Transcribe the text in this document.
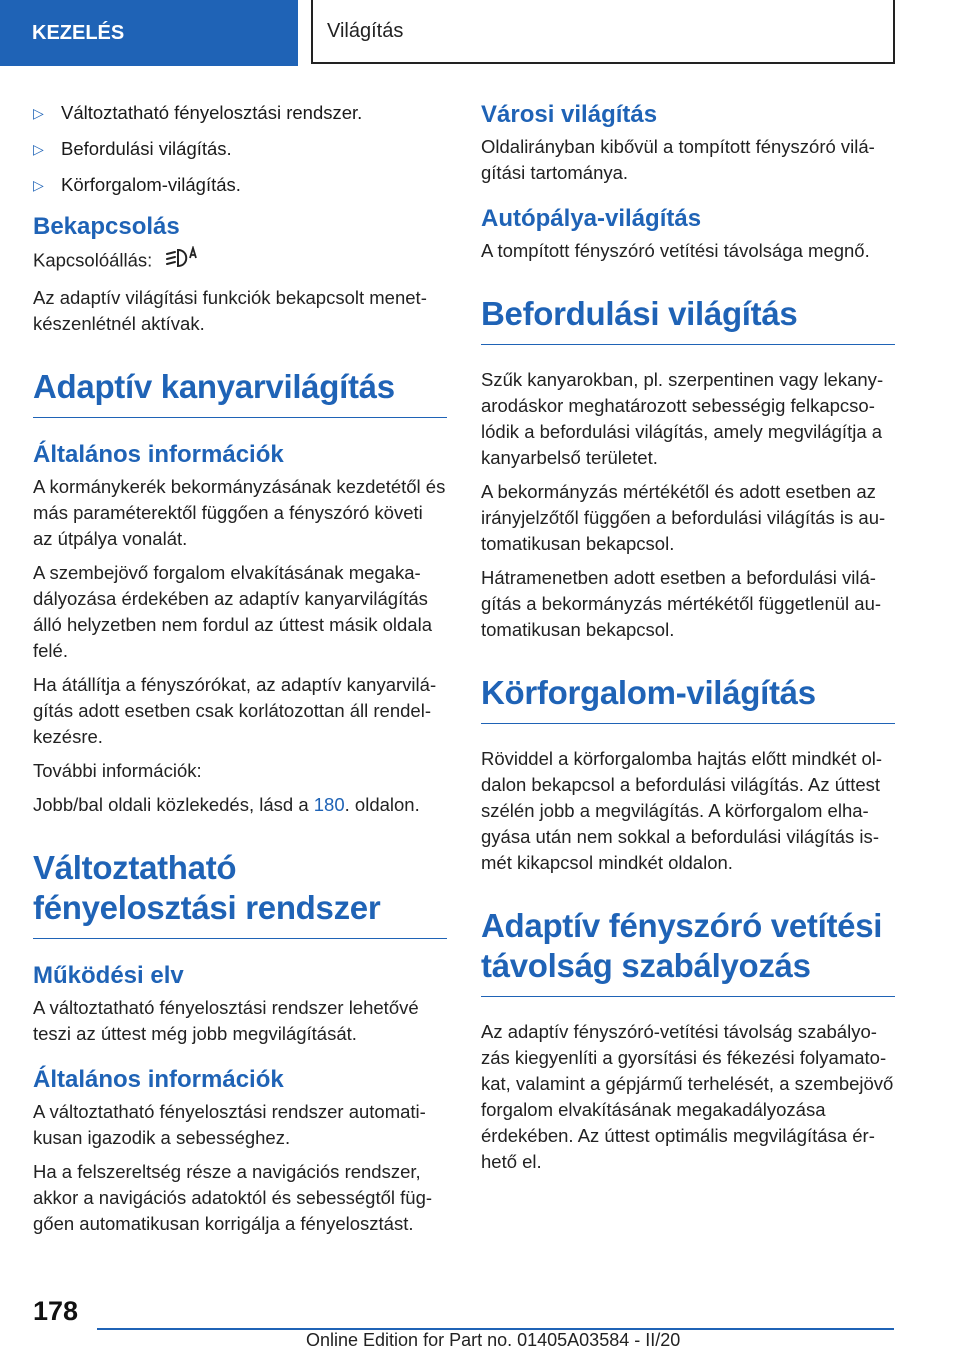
KEZELÉS	Világítás
▷ Változtatható fényelosztási rendszer.
▷ Befordulási világítás.
▷ Körforgalom-világítás.
Bekapcsolás

Kapcsolóállás:

Az adaptív világítási funkciók bekapcsolt menetkészenlétnél aktívak.

Adaptív kanyarvilágítás
Általános információk

A kormánykerék bekormányzásának kezdetétől és más paraméterektől függően a fényszóró követi az útpálya vonalát.

A szembejövő forgalom elvakításának megakadályozása érdekében az adaptív kanyarvilágítás álló helyzetben nem fordul az úttest másik oldala felé.

Ha átállítja a fényszórókat, az adaptív kanyarvilágítás adott esetben csak korlátozottan áll rendelkezésre.

További információk:

Jobb/bal oldali közlekedés, lásd a 180. oldalon.

Változtatható fényelosztási rendszer
Működési elv

A változtatható fényelosztási rendszer lehetővé teszi az úttest még jobb megvilágítását.

Általános információk

A változtatható fényelosztási rendszer automatikusan igazodik a sebességhez.

Ha a felszereltség része a navigációs rendszer, akkor a navigációs adatoktól és sebességtől függően automatikusan korrigálja a fényelosztást.

Városi világítás

Oldalirányban kibővül a tompított fényszóró világítási tartománya.

Autópálya-világítás

A tompított fényszóró vetítési távolsága megnő.

Befordulási világítás

Szűk kanyarokban, pl. szerpentinen vagy lekanyarodáskor meghatározott sebességig felkapcsolódik a befordulási világítás, amely megvilágítja a kanyarbelső területet.

A bekormányzás mértékétől és adott esetben az irányjelzőtől függően a befordulási világítás is automatikusan bekapcsol.

Hátramenetben adott esetben a befordulási világítás a bekormányzás mértékétől függetlenül automatikusan bekapcsol.

Körforgalom-világítás

Röviddel a körforgalomba hajtás előtt mindkét oldalon bekapcsol a befordulási világítás. Az úttest szélén jobb a megvilágítás. A körforgalom elhagyása után nem sokkal a befordulási világítás ismét kikapcsol mindkét oldalon.

Adaptív fényszóró vetítési távolság szabályozás

Az adaptív fényszóró-vetítési távolság szabályozás kiegyenlíti a gyorsítási és fékezési folyamatokat, valamint a gépjármű terhelését, a szembejövő forgalom elvakításának megakadályozása érdekében. Az úttest optimális megvilágítása érhető el.

178
Online Edition for Part no. 01405A03584 - II/20
